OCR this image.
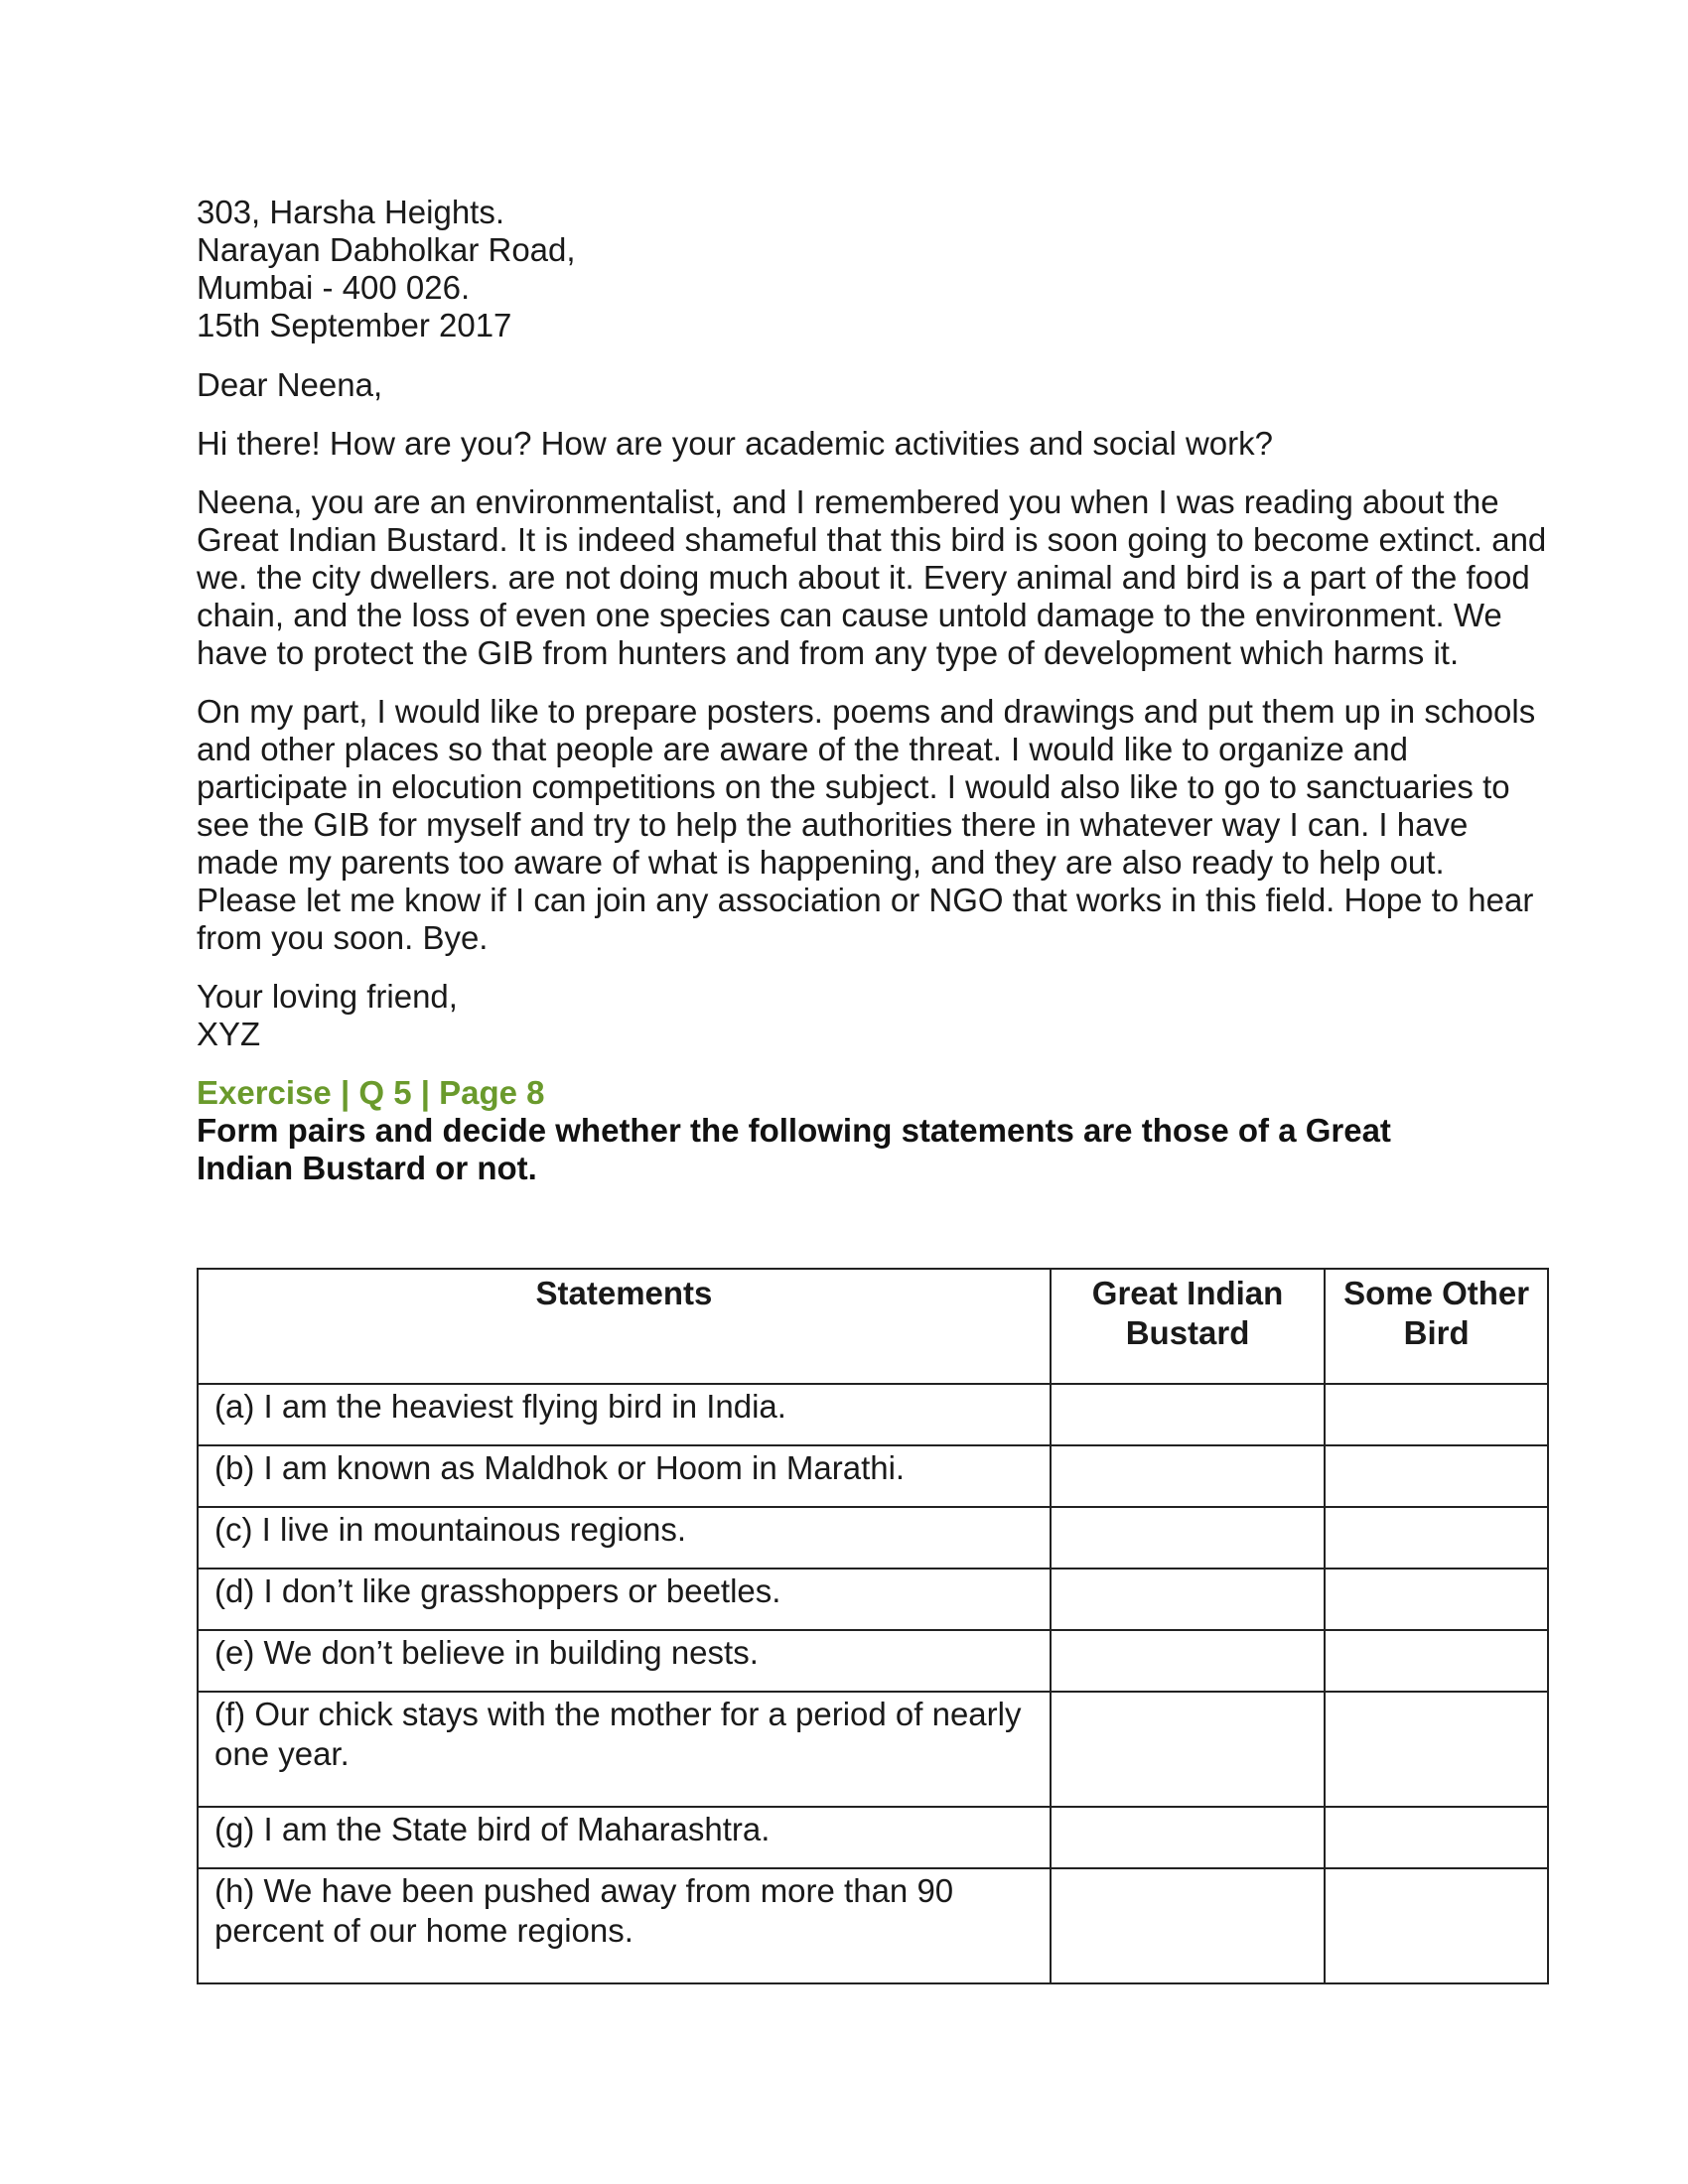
303, Harsha Heights.
Narayan Dabholkar Road,
Mumbai - 400 026.
15th September 2017

Dear Neena,

Hi there! How are you? How are your academic activities and social work?

Neena, you are an environmentalist, and I remembered you when I was reading about the Great Indian Bustard. It is indeed shameful that this bird is soon going to become extinct. and we. the city dwellers. are not doing much about it. Every animal and bird is a part of the food chain, and the loss of even one species can cause untold damage to the environment. We have to protect the GIB from hunters and from any type of development which harms it.

On my part, I would like to prepare posters. poems and drawings and put them up in schools and other places so that people are aware of the threat. I would like to organize and participate in elocution competitions on the subject. I would also like to go to sanctuaries to see the GIB for myself and try to help the authorities there in whatever way I can. I have made my parents too aware of what is happening, and they are also ready to help out. Please let me know if I can join any association or NGO that works in this field. Hope to hear from you soon. Bye.

Your loving friend,
XYZ
Exercise | Q 5 | Page 8
Form pairs and decide whether the following statements are those of a Great Indian Bustard or not.
Statements	Great Indian Bustard	Some Other Bird
(a) I am the heaviest flying bird in India.		
(b) I am known as Maldhok or Hoom in Marathi.		
(c) I live in mountainous regions.		
(d) I don’t like grasshoppers or beetles.		
(e) We don’t believe in building nests.		
(f) Our chick stays with the mother for a period of nearly one year.		
(g) I am the State bird of Maharashtra.		
(h) We have been pushed away from more than 90 percent of our home regions.		
